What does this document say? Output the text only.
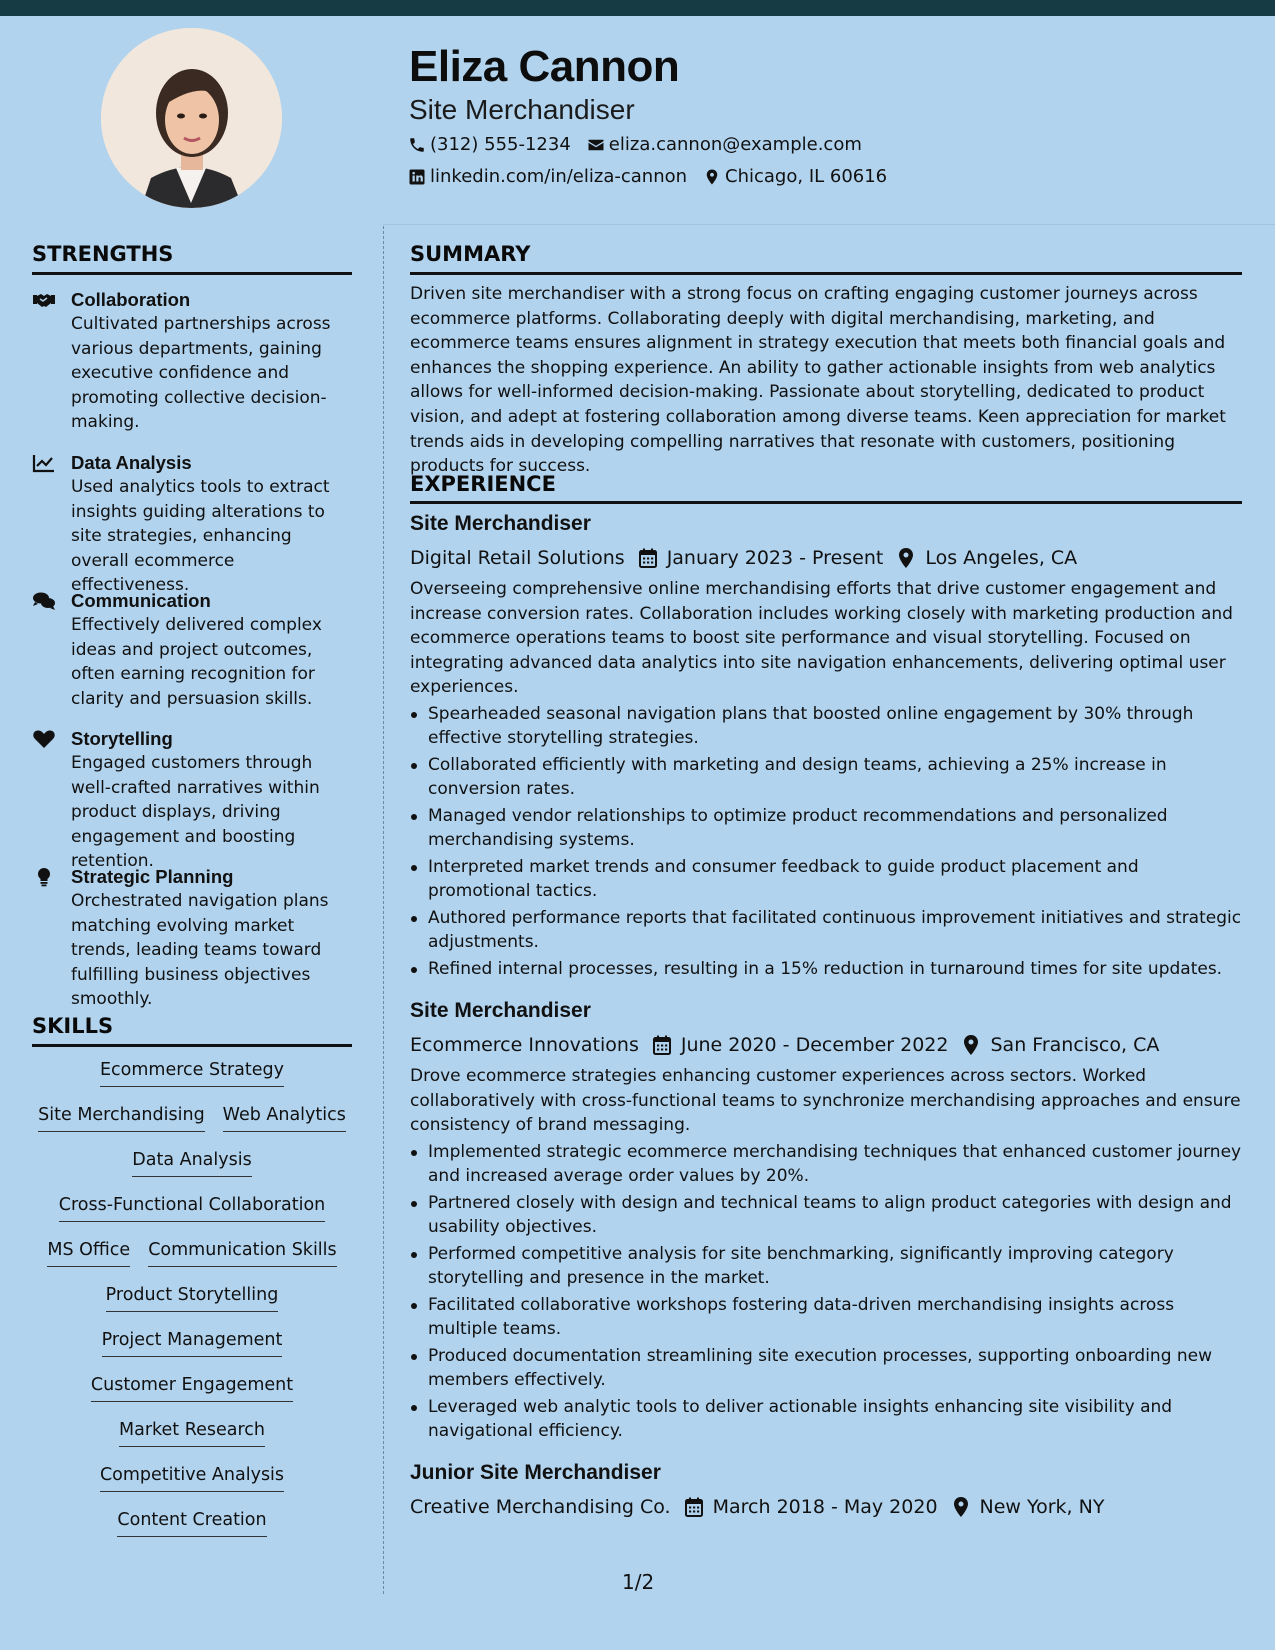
Eliza Cannon
Site Merchandiser
(312) 555-1234 eliza.cannon@example.com
linkedin.com/in/eliza-cannon Chicago, IL 60616
STRENGTHS
Collaboration
Cultivated partnerships across various departments, gaining executive confidence and promoting collective decision-making.
Data Analysis
Used analytics tools to extract insights guiding alterations to site strategies, enhancing overall ecommerce effectiveness.
Communication
Effectively delivered complex ideas and project outcomes, often earning recognition for clarity and persuasion skills.
Storytelling
Engaged customers through well-crafted narratives within product displays, driving engagement and boosting retention.
Strategic Planning
Orchestrated navigation plans matching evolving market trends, leading teams toward fulfilling business objectives smoothly.
SKILLS
Ecommerce Strategy
Site Merchandising Web Analytics
Data Analysis
Cross-Functional Collaboration
MS Office Communication Skills
Product Storytelling
Project Management
Customer Engagement
Market Research
Competitive Analysis
Content Creation
SUMMARY
Driven site merchandiser with a strong focus on crafting engaging customer journeys across ecommerce platforms. Collaborating deeply with digital merchandising, marketing, and ecommerce teams ensures alignment in strategy execution that meets both financial goals and enhances the shopping experience. An ability to gather actionable insights from web analytics allows for well-informed decision-making. Passionate about storytelling, dedicated to product vision, and adept at fostering collaboration among diverse teams. Keen appreciation for market trends aids in developing compelling narratives that resonate with customers, positioning products for success.
EXPERIENCE
Site Merchandiser
Digital Retail Solutions January 2023 - Present Los Angeles, CA
Overseeing comprehensive online merchandising efforts that drive customer engagement and increase conversion rates. Collaboration includes working closely with marketing production and ecommerce operations teams to boost site performance and visual storytelling. Focused on integrating advanced data analytics into site navigation enhancements, delivering optimal user experiences.
Spearheaded seasonal navigation plans that boosted online engagement by 30% through effective storytelling strategies.
Collaborated efficiently with marketing and design teams, achieving a 25% increase in conversion rates.
Managed vendor relationships to optimize product recommendations and personalized merchandising systems.
Interpreted market trends and consumer feedback to guide product placement and promotional tactics.
Authored performance reports that facilitated continuous improvement initiatives and strategic adjustments.
Refined internal processes, resulting in a 15% reduction in turnaround times for site updates.
Site Merchandiser
Ecommerce Innovations June 2020 - December 2022 San Francisco, CA
Drove ecommerce strategies enhancing customer experiences across sectors. Worked collaboratively with cross-functional teams to synchronize merchandising approaches and ensure consistency of brand messaging.
Implemented strategic ecommerce merchandising techniques that enhanced customer journey and increased average order values by 20%.
Partnered closely with design and technical teams to align product categories with design and usability objectives.
Performed competitive analysis for site benchmarking, significantly improving category storytelling and presence in the market.
Facilitated collaborative workshops fostering data-driven merchandising insights across multiple teams.
Produced documentation streamlining site execution processes, supporting onboarding new members effectively.
Leveraged web analytic tools to deliver actionable insights enhancing site visibility and navigational efficiency.
Junior Site Merchandiser
Creative Merchandising Co. March 2018 - May 2020 New York, NY
1/2
